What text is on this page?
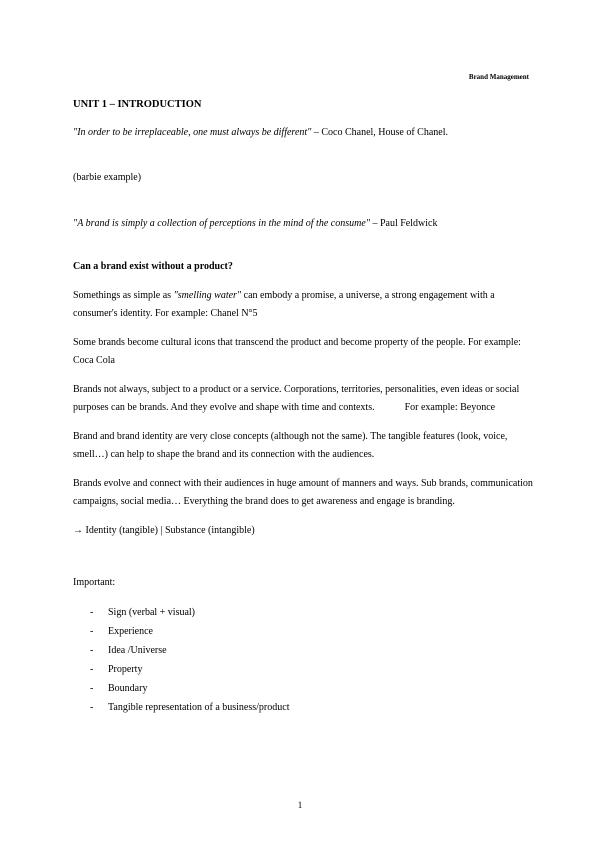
Brand Management

UNIT 1 – INTRODUCTION

"In order to be irreplaceable, one must always be different" – Coco Chanel, House of Chanel.

(barbie example)

"A brand is simply a collection of perceptions in the mind of the consume" – Paul Feldwick

Can a brand exist without a product?

Somethings as simple as "smelling water" can embody a promise, a universe, a strong engagement with a consumer's identity. For example: Chanel N°5

Some brands become cultural icons that transcend the product and become property of the people. For example: Coca Cola

Brands not always, subject to a product or a service. Corporations, territories, personalities, even ideas or social purposes can be brands. And they evolve and shape with time and contexts.            For example: Beyonce

Brand and brand identity are very close concepts (although not the same). The tangible features (look, voice, smell…) can help to shape the brand and its connection with the audiences.

Brands evolve and connect with their audiences in huge amount of manners and ways. Sub brands, communication campaigns, social media… Everything the brand does to get awareness and engage is branding.

→ Identity (tangible) | Substance (intangible)

Important:

- Sign (verbal + visual)
- Experience
- Idea /Universe
- Property
- Boundary
- Tangible representation of a business/product
1
